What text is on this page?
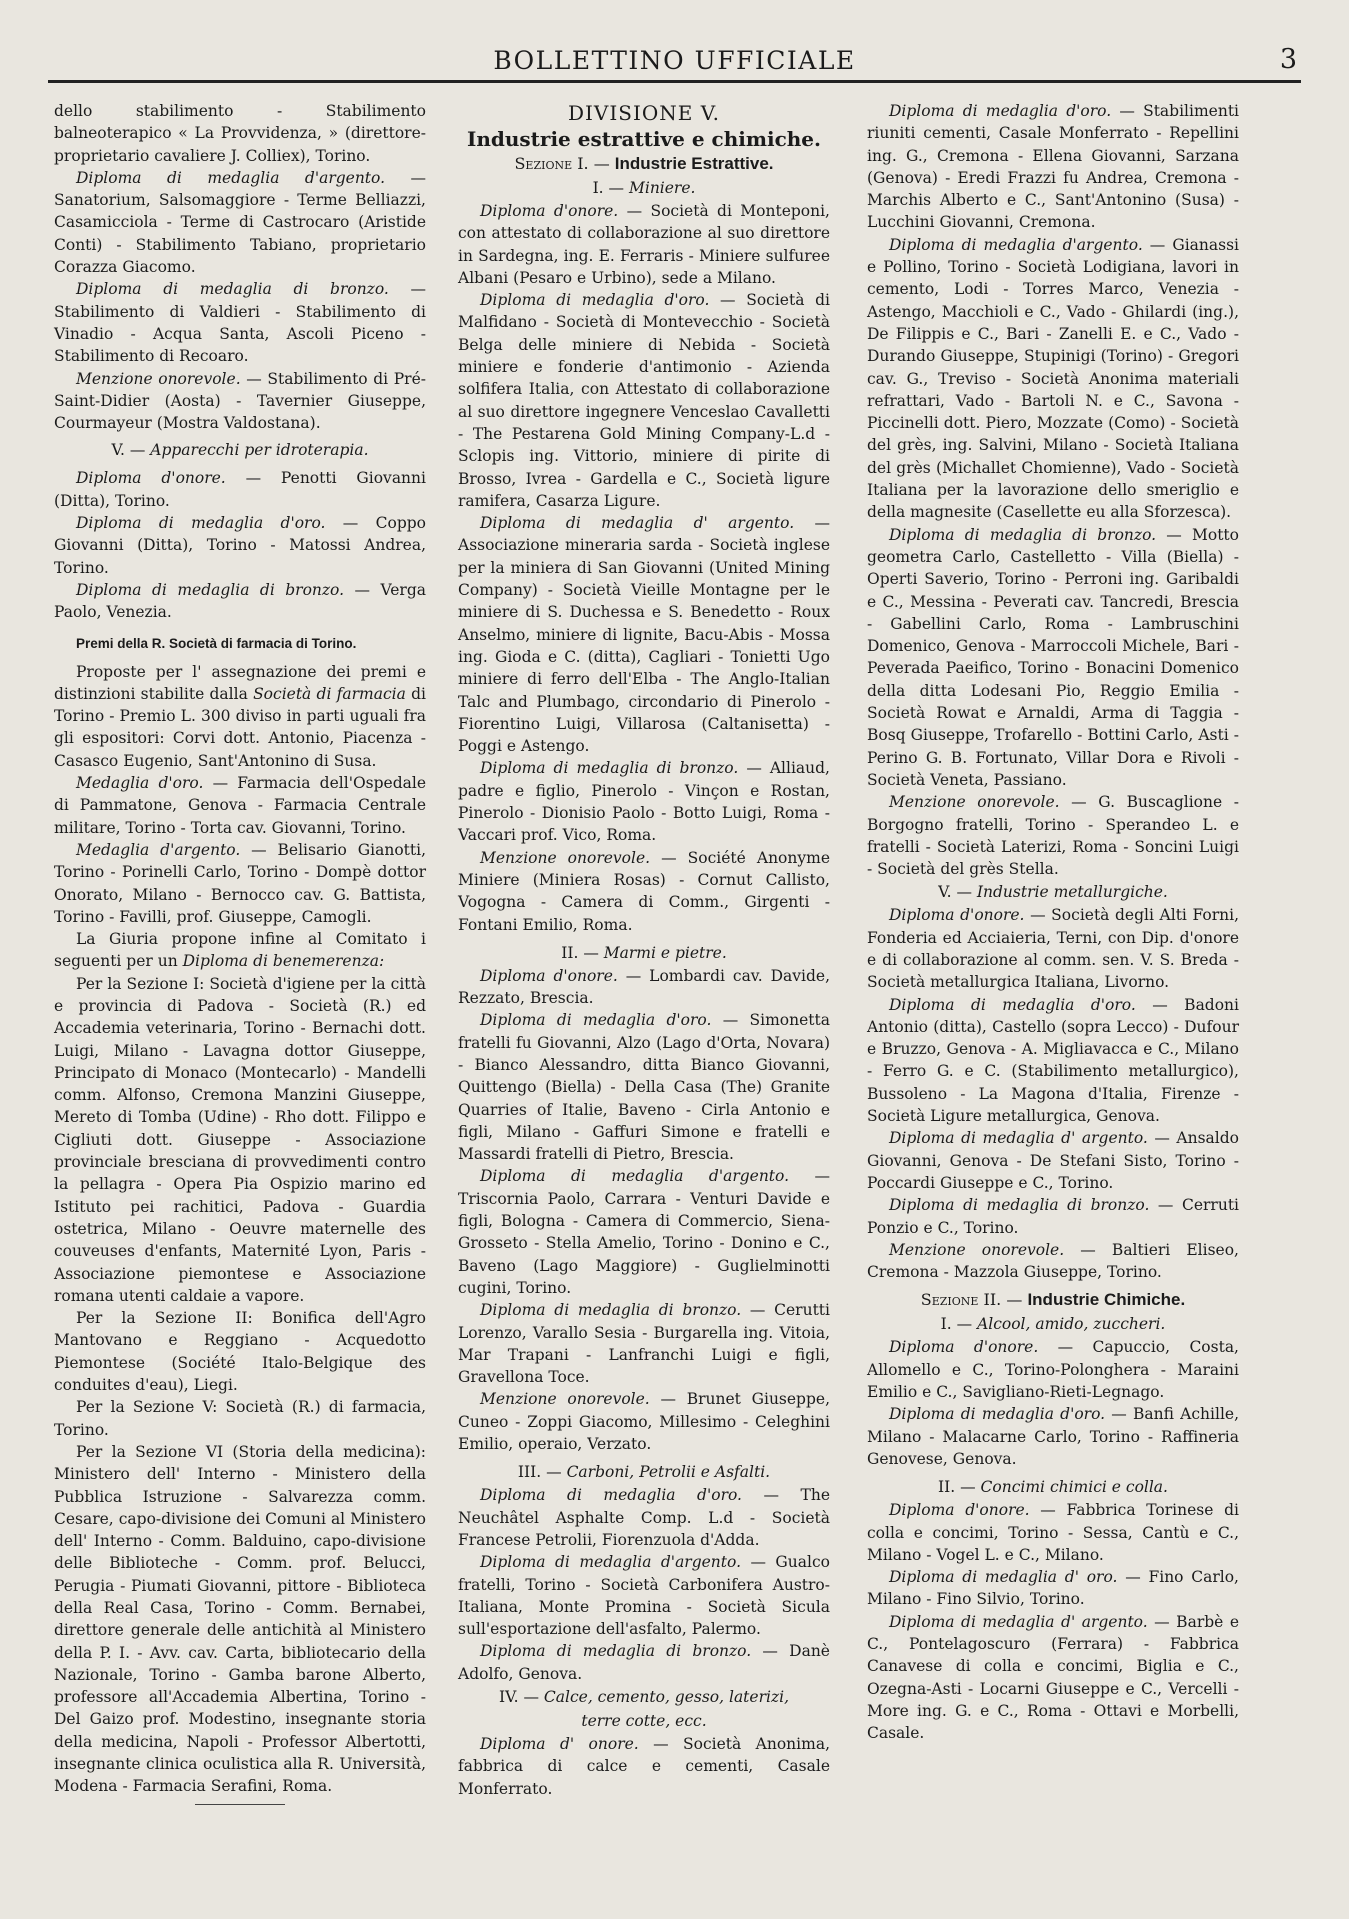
BOLLETTINO UFFICIALE	3

dello stabilimento - Stabilimento balneoterapico « La Provvidenza, » (direttore-proprietario cavaliere J. Colliex), Torino.

Diploma di medaglia d'argento. — Sanatorium, Salsomaggiore - Terme Belliazzi, Casamicciola - Terme di Castrocaro (Aristide Conti) - Stabilimento Tabiano, proprietario Corazza Giacomo.

Diploma di medaglia di bronzo. — Stabilimento di Valdieri - Stabilimento di Vinadio - Acqua Santa, Ascoli Piceno - Stabilimento di Recoaro.

Menzione onorevole. — Stabilimento di Pré-Saint-Didier (Aosta) - Tavernier Giuseppe, Courmayeur (Mostra Valdostana).

V. — Apparecchi per idroterapia.

Diploma d'onore. — Penotti Giovanni (Ditta), Torino.

Diploma di medaglia d'oro. — Coppo Giovanni (Ditta), Torino - Matossi Andrea, Torino.

Diploma di medaglia di bronzo. — Verga Paolo, Venezia.

Premi della R. Società di farmacia di Torino.

Proposte per l' assegnazione dei premi e distinzioni stabilite dalla Società di farmacia di Torino - Premio L. 300 diviso in parti uguali fra gli espositori: Corvi dott. Antonio, Piacenza - Casasco Eugenio, Sant'Antonino di Susa.

Medaglia d'oro. — Farmacia dell'Ospedale di Pammatone, Genova - Farmacia Centrale militare, Torino - Torta cav. Giovanni, Torino.

Medaglia d'argento. — Belisario Gianotti, Torino - Porinelli Carlo, Torino - Dompè dottor Onorato, Milano - Bernocco cav. G. Battista, Torino - Favilli, prof. Giuseppe, Camogli.

La Giuria propone infine al Comitato i seguenti per un Diploma di benemerenza:

Per la Sezione I: Società d'igiene per la città e provincia di Padova - Società (R.) ed Accademia veterinaria, Torino - Bernachi dott. Luigi, Milano - Lavagna dottor Giuseppe, Principato di Monaco (Montecarlo) - Mandelli comm. Alfonso, Cremona Manzini Giuseppe, Mereto di Tomba (Udine) - Rho dott. Filippo e Cigliuti dott. Giuseppe - Associazione provinciale bresciana di provvedimenti contro la pellagra - Opera Pia Ospizio marino ed Istituto pei rachitici, Padova - Guardia ostetrica, Milano - Oeuvre maternelle des couveuses d'enfants, Maternité Lyon, Paris - Associazione piemontese e Associazione romana utenti caldaie a vapore.

Per la Sezione II: Bonifica dell'Agro Mantovano e Reggiano - Acquedotto Piemontese (Société Italo-Belgique des conduites d'eau), Liegi.

Per la Sezione V: Società (R.) di farmacia, Torino.

Per la Sezione VI (Storia della medicina): Ministero dell' Interno - Ministero della Pubblica Istruzione - Salvarezza comm. Cesare, capo-divisione dei Comuni al Ministero dell' Interno - Comm. Balduino, capo-divisione delle Biblioteche - Comm. prof. Belucci, Perugia - Piumati Giovanni, pittore - Biblioteca della Real Casa, Torino - Comm. Bernabei, direttore generale delle antichità al Ministero della P. I. - Avv. cav. Carta, bibliotecario della Nazionale, Torino - Gamba barone Alberto, professore all'Accademia Albertina, Torino - Del Gaizo prof. Modestino, insegnante storia della medicina, Napoli - Professor Albertotti, insegnante clinica oculistica alla R. Università, Modena - Farmacia Serafini, Roma.

DIVISIONE V.
Industrie estrattive e chimiche.
Sezione I. — Industrie Estrattive.
I. — Miniere.

Diploma d'onore. — Società di Monteponi, con attestato di collaborazione al suo direttore in Sardegna, ing. E. Ferraris - Miniere sulfuree Albani (Pesaro e Urbino), sede a Milano.

Diploma di medaglia d'oro. — Società di Malfidano - Società di Montevecchio - Società Belga delle miniere di Nebida - Società miniere e fonderie d'antimonio - Azienda solfifera Italia, con Attestato di collaborazione al suo direttore ingegnere Venceslao Cavalletti - The Pestarena Gold Mining Company-L.d - Sclopis ing. Vittorio, miniere di pirite di Brosso, Ivrea - Gardella e C., Società ligure ramifera, Casarza Ligure.

Diploma di medaglia d' argento. — Associazione mineraria sarda - Società inglese per la miniera di San Giovanni (United Mining Company) - Società Vieille Montagne per le miniere di S. Duchessa e S. Benedetto - Roux Anselmo, miniere di lignite, Bacu-Abis - Mossa ing. Gioda e C. (ditta), Cagliari - Tonietti Ugo miniere di ferro dell'Elba - The Anglo-Italian Talc and Plumbago, circondario di Pinerolo - Fiorentino Luigi, Villarosa (Caltanisetta) - Poggi e Astengo.

Diploma di medaglia di bronzo. — Alliaud, padre e figlio, Pinerolo - Vinçon e Rostan, Pinerolo - Dionisio Paolo - Botto Luigi, Roma - Vaccari prof. Vico, Roma.

Menzione onorevole. — Société Anonyme Miniere (Miniera Rosas) - Cornut Callisto, Vogogna - Camera di Comm., Girgenti - Fontani Emilio, Roma.

II. — Marmi e pietre.

Diploma d'onore. — Lombardi cav. Davide, Rezzato, Brescia.

Diploma di medaglia d'oro. — Simonetta fratelli fu Giovanni, Alzo (Lago d'Orta, Novara) - Bianco Alessandro, ditta Bianco Giovanni, Quittengo (Biella) - Della Casa (The) Granite Quarries of Italie, Baveno - Cirla Antonio e figli, Milano - Gaffuri Simone e fratelli e Massardi fratelli di Pietro, Brescia.

Diploma di medaglia d'argento. — Triscornia Paolo, Carrara - Venturi Davide e figli, Bologna - Camera di Commercio, Siena-Grosseto - Stella Amelio, Torino - Donino e C., Baveno (Lago Maggiore) - Guglielminotti cugini, Torino.

Diploma di medaglia di bronzo. — Cerutti Lorenzo, Varallo Sesia - Burgarella ing. Vitoia, Mar Trapani - Lanfranchi Luigi e figli, Gravellona Toce.

Menzione onorevole. — Brunet Giuseppe, Cuneo - Zoppi Giacomo, Millesimo - Celeghini Emilio, operaio, Verzato.

III. — Carboni, Petrolii e Asfalti.

Diploma di medaglia d'oro. — The Neuchâtel Asphalte Comp. L.d - Società Francese Petrolii, Fiorenzuola d'Adda.

Diploma di medaglia d'argento. — Gualco fratelli, Torino - Società Carbonifera Austro-Italiana, Monte Promina - Società Sicula sull'esportazione dell'asfalto, Palermo.

Diploma di medaglia di bronzo. — Danè Adolfo, Genova.

IV. — Calce, cemento, gesso, laterizi,
terre cotte, ecc.

Diploma d' onore. — Società Anonima, fabbrica di calce e cementi, Casale Monferrato.

Diploma di medaglia d'oro. — Stabilimenti riuniti cementi, Casale Monferrato - Repellini ing. G., Cremona - Ellena Giovanni, Sarzana (Genova) - Eredi Frazzi fu Andrea, Cremona - Marchis Alberto e C., Sant'Antonino (Susa) - Lucchini Giovanni, Cremona.

Diploma di medaglia d'argento. — Gianassi e Pollino, Torino - Società Lodigiana, lavori in cemento, Lodi - Torres Marco, Venezia - Astengo, Macchioli e C., Vado - Ghilardi (ing.), De Filippis e C., Bari - Zanelli E. e C., Vado - Durando Giuseppe, Stupinigi (Torino) - Gregori cav. G., Treviso - Società Anonima materiali refrattari, Vado - Bartoli N. e C., Savona - Piccinelli dott. Piero, Mozzate (Como) - Società del grès, ing. Salvini, Milano - Società Italiana del grès (Michallet Chomienne), Vado - Società Italiana per la lavorazione dello smeriglio e della magnesite (Casellette eu alla Sforzesca).

Diploma di medaglia di bronzo. — Motto geometra Carlo, Castelletto - Villa (Biella) - Operti Saverio, Torino - Perroni ing. Garibaldi e C., Messina - Peverati cav. Tancredi, Brescia - Gabellini Carlo, Roma - Lambruschini Domenico, Genova - Marroccoli Michele, Bari - Peverada Paeifico, Torino - Bonacini Domenico della ditta Lodesani Pio, Reggio Emilia - Società Rowat e Arnaldi, Arma di Taggia - Bosq Giuseppe, Trofarello - Bottini Carlo, Asti - Perino G. B. Fortunato, Villar Dora e Rivoli - Società Veneta, Passiano.

Menzione onorevole. — G. Buscaglione - Borgogno fratelli, Torino - Sperandeo L. e fratelli - Società Laterizi, Roma - Soncini Luigi - Società del grès Stella.

V. — Industrie metallurgiche.

Diploma d'onore. — Società degli Alti Forni, Fonderia ed Acciaieria, Terni, con Dip. d'onore e di collaborazione al comm. sen. V. S. Breda - Società metallurgica Italiana, Livorno.

Diploma di medaglia d'oro. — Badoni Antonio (ditta), Castello (sopra Lecco) - Dufour e Bruzzo, Genova - A. Migliavacca e C., Milano - Ferro G. e C. (Stabilimento metallurgico), Bussoleno - La Magona d'Italia, Firenze - Società Ligure metallurgica, Genova.

Diploma di medaglia d' argento. — Ansaldo Giovanni, Genova - De Stefani Sisto, Torino - Poccardi Giuseppe e C., Torino.

Diploma di medaglia di bronzo. — Cerruti Ponzio e C., Torino.

Menzione onorevole. — Baltieri Eliseo, Cremona - Mazzola Giuseppe, Torino.

Sezione II. — Industrie Chimiche.
I. — Alcool, amido, zuccheri.

Diploma d'onore. — Capuccio, Costa, Allomello e C., Torino-Polonghera - Maraini Emilio e C., Savigliano-Rieti-Legnago.

Diploma di medaglia d'oro. — Banfi Achille, Milano - Malacarne Carlo, Torino - Raffineria Genovese, Genova.

II. — Concimi chimici e colla.

Diploma d'onore. — Fabbrica Torinese di colla e concimi, Torino - Sessa, Cantù e C., Milano - Vogel L. e C., Milano.

Diploma di medaglia d' oro. — Fino Carlo, Milano - Fino Silvio, Torino.

Diploma di medaglia d' argento. — Barbè e C., Pontelagoscuro (Ferrara) - Fabbrica Canavese di colla e concimi, Biglia e C., Ozegna-Asti - Locarni Giuseppe e C., Vercelli - More ing. G. e C., Roma - Ottavi e Morbelli, Casale.
